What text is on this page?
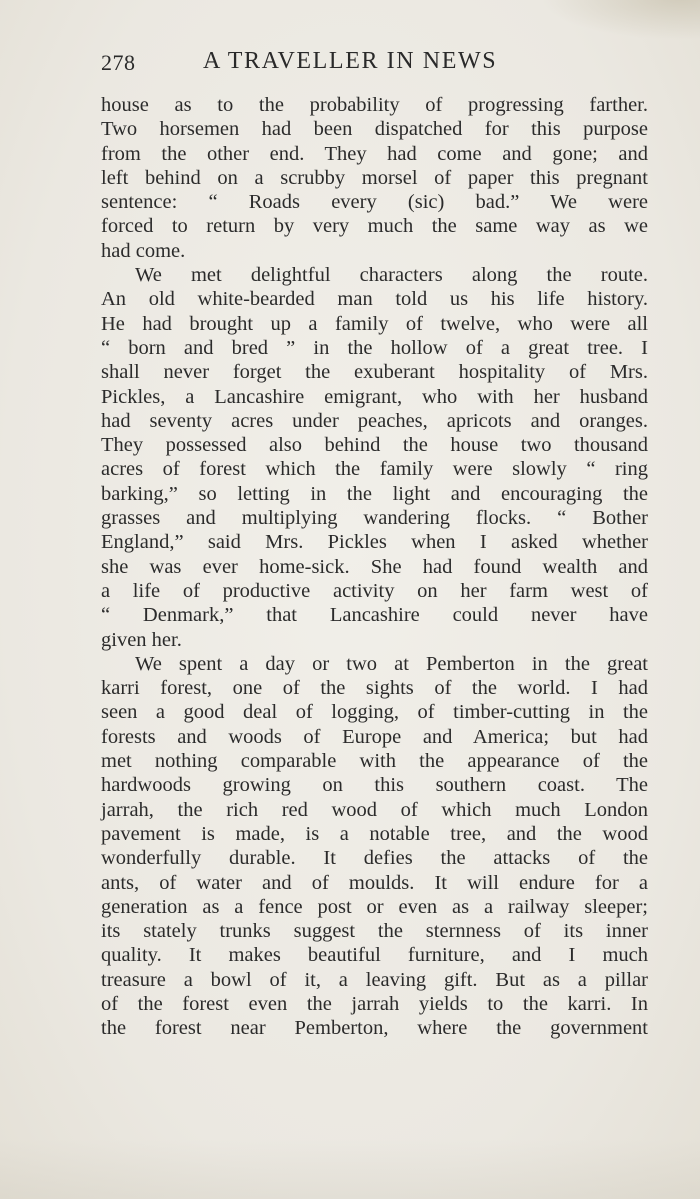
278	A TRAVELLER IN NEWS
house as to the probability of progressing farther.
Two horsemen had been dispatched for this purpose
from the other end. They had come and gone; and
left behind on a scrubby morsel of paper this pregnant
sentence: “ Roads every (sic) bad.” We were
forced to return by very much the same way as we
had come.
We met delightful characters along the route.
An old white-bearded man told us his life history.
He had brought up a family of twelve, who were all
“ born and bred ” in the hollow of a great tree. I
shall never forget the exuberant hospitality of Mrs.
Pickles, a Lancashire emigrant, who with her husband
had seventy acres under peaches, apricots and oranges.
They possessed also behind the house two thousand
acres of forest which the family were slowly “ ring
barking,” so letting in the light and encouraging the
grasses and multiplying wandering flocks. “ Bother
England,” said Mrs. Pickles when I asked whether
she was ever home-sick. She had found wealth and
a life of productive activity on her farm west of
“ Denmark,” that Lancashire could never have
given her.
We spent a day or two at Pemberton in the great
karri forest, one of the sights of the world. I had
seen a good deal of logging, of timber-cutting in the
forests and woods of Europe and America; but had
met nothing comparable with the appearance of the
hardwoods growing on this southern coast. The
jarrah, the rich red wood of which much London
pavement is made, is a notable tree, and the wood
wonderfully durable. It defies the attacks of the
ants, of water and of moulds. It will endure for a
generation as a fence post or even as a railway sleeper;
its stately trunks suggest the sternness of its inner
quality. It makes beautiful furniture, and I much
treasure a bowl of it, a leaving gift. But as a pillar
of the forest even the jarrah yields to the karri. In
the forest near Pemberton, where the government
